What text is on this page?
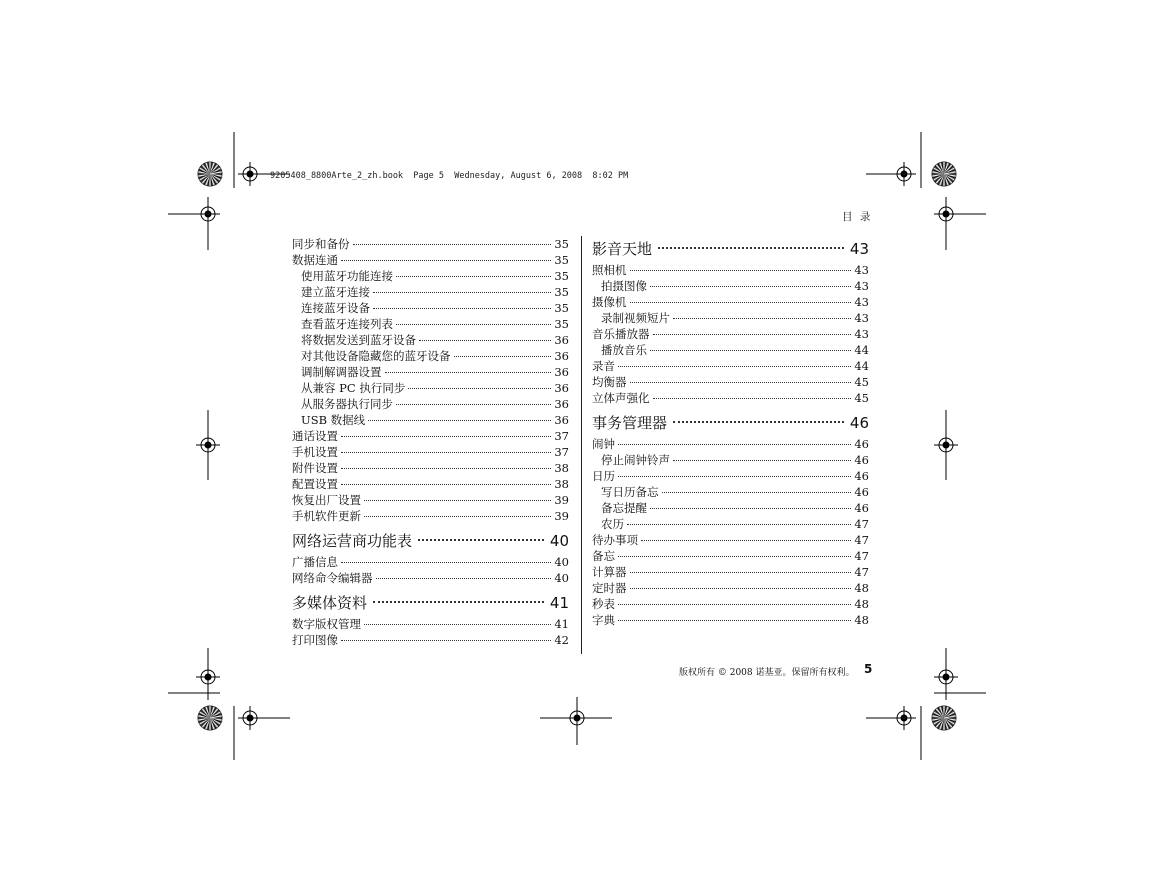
9205408_8800Arte_2_zh.book  Page 5  Wednesday, August 6, 2008  8:02 PM
目 录
同步和备份	35
数据连通	35
使用蓝牙功能连接	35
建立蓝牙连接	35
连接蓝牙设备	35
查看蓝牙连接列表	35
将数据发送到蓝牙设备	36
对其他设备隐藏您的蓝牙设备	36
调制解调器设置	36
从兼容 PC 执行同步	36
从服务器执行同步	36
USB 数据线	36
通话设置	37
手机设置	37
附件设置	38
配置设置	38
恢复出厂设置	39
手机软件更新	39
网络运营商功能表	40
广播信息	40
网络命令编辑器	40
多媒体资料	41
数字版权管理	41
打印图像	42
影音天地	43
照相机	43
拍摄图像	43
摄像机	43
录制视频短片	43
音乐播放器	43
播放音乐	44
录音	44
均衡器	45
立体声强化	45
事务管理器	46
闹钟	46
停止闹钟铃声	46
日历	46
写日历备忘	46
备忘提醒	46
农历	47
待办事项	47
备忘	47
计算器	47
定时器	48
秒表	48
字典	48
版权所有 © 2008 诺基亚。保留所有权利。 5
